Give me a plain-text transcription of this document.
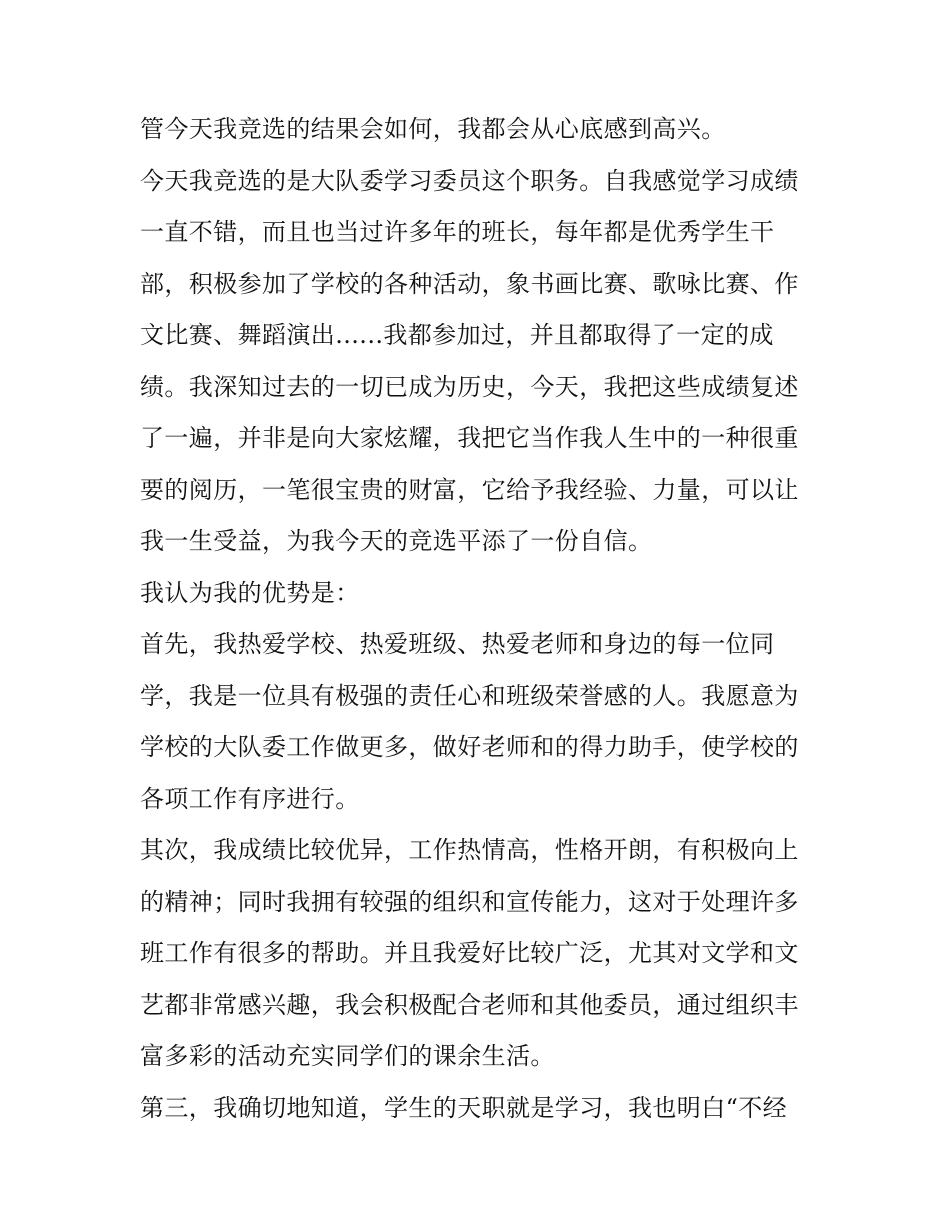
管今天我竞选的结果会如何，我都会从心底感到高兴。
今天我竞选的是大队委学习委员这个职务。自我感觉学习成绩
一直不错，而且也当过许多年的班长，每年都是优秀学生干
部，积极参加了学校的各种活动，象书画比赛、歌咏比赛、作
文比赛、舞蹈演出......我都参加过，并且都取得了一定的成
绩。我深知过去的一切已成为历史，今天，我把这些成绩复述
了一遍，并非是向大家炫耀，我把它当作我人生中的一种很重
要的阅历，一笔很宝贵的财富，它给予我经验、力量，可以让
我一生受益，为我今天的竞选平添了一份自信。
我认为我的优势是：
首先，我热爱学校、热爱班级、热爱老师和身边的每一位同
学，我是一位具有极强的责任心和班级荣誉感的人。我愿意为
学校的大队委工作做更多，做好老师和的得力助手，使学校的
各项工作有序进行。
其次，我成绩比较优异，工作热情高，性格开朗，有积极向上
的精神；同时我拥有较强的组织和宣传能力，这对于处理许多
班工作有很多的帮助。并且我爱好比较广泛，尤其对文学和文
艺都非常感兴趣，我会积极配合老师和其他委员，通过组织丰
富多彩的活动充实同学们的课余生活。
第三，我确切地知道，学生的天职就是学习，我也明白“不经
